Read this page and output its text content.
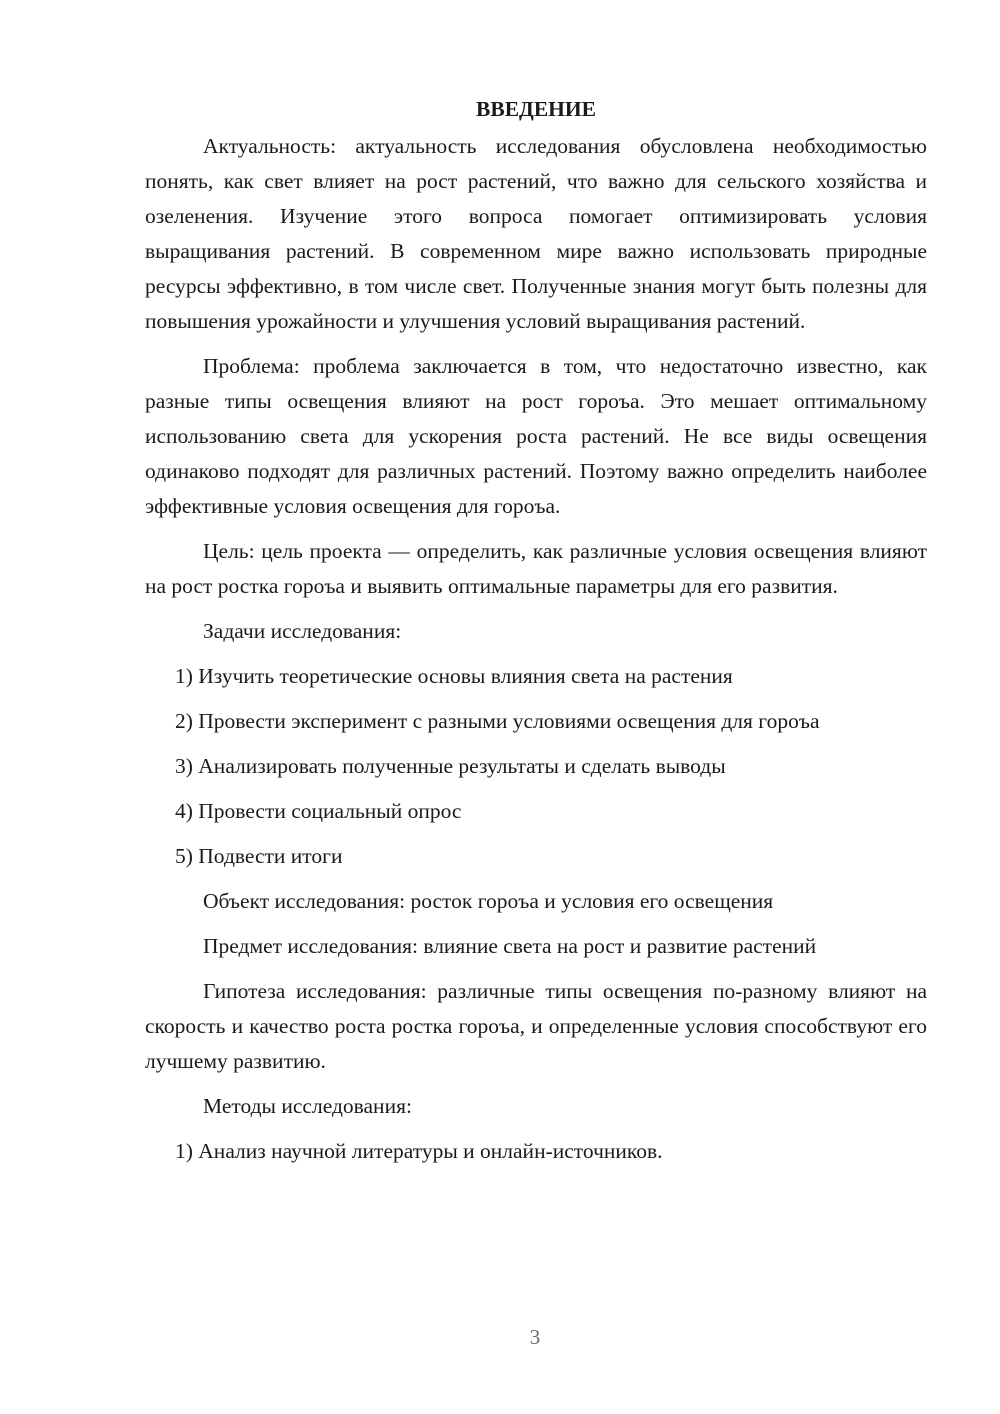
ВВЕДЕНИЕ

Актуальность: актуальность исследования обусловлена необходимостью понять, как свет влияет на рост растений, что важно для сельского хозяйства и озеленения. Изучение этого вопроса помогает оптимизировать условия выращивания растений. В современном мире важно использовать природные ресурсы эффективно, в том числе свет. Полученные знания могут быть полезны для повышения урожайности и улучшения условий выращивания растений.

Проблема: проблема заключается в том, что недостаточно известно, как разные типы освещения влияют на рост гороъа. Это мешает оптимальному использованию света для ускорения роста растений. Не все виды освещения одинаково подходят для различных растений. Поэтому важно определить наиболее эффективные условия освещения для гороъа.

Цель: цель проекта — определить, как различные условия освещения влияют на рост ростка гороъа и выявить оптимальные параметры для его развития.

Задачи исследования:

1) Изучить теоретические основы влияния света на растения

2) Провести эксперимент с разными условиями освещения для гороъа

3) Анализировать полученные результаты и сделать выводы

4) Провести социальный опрос

5) Подвести итоги

Объект исследования: росток гороъа и условия его освещения

Предмет исследования: влияние света на рост и развитие растений

Гипотеза исследования: различные типы освещения по-разному влияют на скорость и качество роста ростка гороъа, и определенные условия способствуют его лучшему развитию.

Методы исследования:

1) Анализ научной литературы и онлайн-источников.

3
